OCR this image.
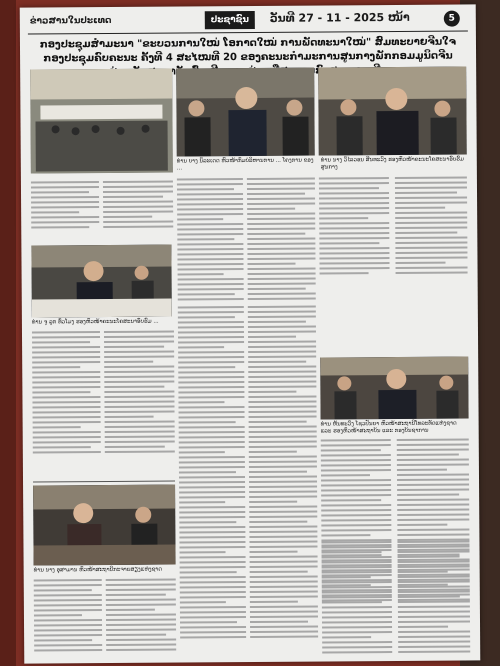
ຂ່າວສານໃນປະເທດ	ປະຊາຊົນ	ວັນທີ 27 - 11 - 2025 ໜ້າ	5
ກອງປະຊຸມສຳມະນາ "ຂະບວນການໃໝ່ ໂອກາດໃໝ່ ການພັດທະນາໃໝ່" ສົມທະບາຍຈີນໃຈກອງປະຊຸມຄົບຄະນະ ຄັ້ງທີ 4 ສະໄໝທີ 20 ຂອງຄະນະກຳມະການສູນກາງພັກກອມມູນິດຈີນ
ທ່ານ ບາງ ນິລະເດດ ຫົວໜ້າກົມບໍລິຫານການ ... ໂຄງການ ຂອງ ...
ທ່ານ ນາງ ວິໄລວອນ ສິນທະວົງ ຮອງຫົວໜ້າຄະນະໂຄສະນາອົບຮົມສູນກາງ
ທ່ານ ຈູ ລູກ ທົ່ວໂມງ ຮອງຫົວໜ້າຄະນະໂຄສະນາອົບຮົມ ...
ທ່ານ ຫັນທະວົງ ໂຊວປັນຍາ ຫົວໜ້າສະຖານີໂທລະທັດແຫ່ງຊາດ ແລະ ຮອງຫົວໜ້າສະຖາບັນ ແລະ ກອງບັນຊາການ
ທ່ານ ນາງ ອຸສາມານ ຫົວໜ້າສະຖານີກະຈາຍສຽງແຫ່ງຊາດ
